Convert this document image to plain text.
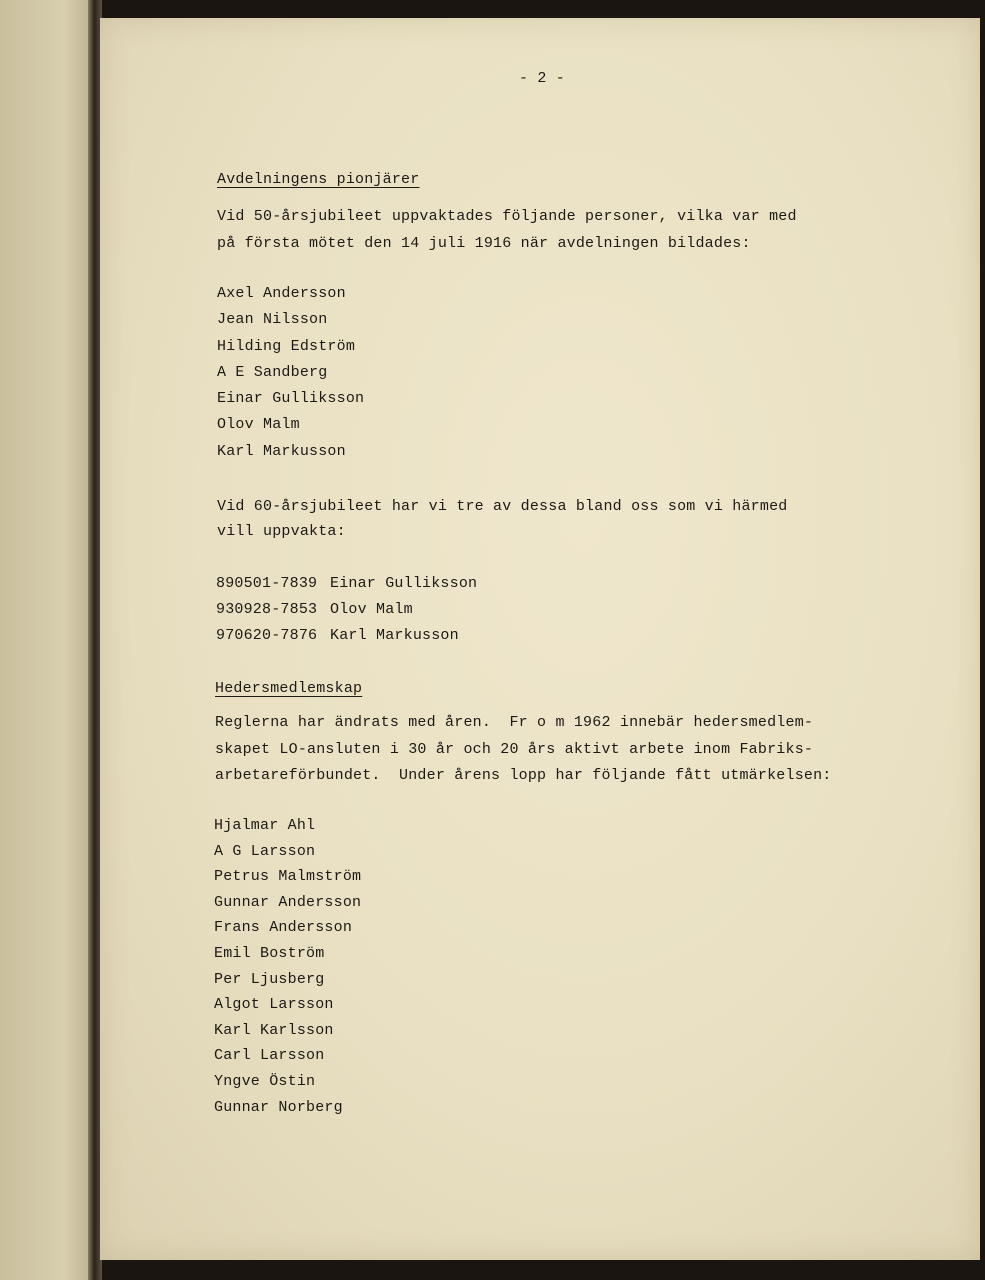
- 2 -

Avdelningens pionjärer

Vid 50-årsjubileet uppvaktades följande personer, vilka var med

på första mötet den 14 juli 1916 när avdelningen bildades:

Axel Andersson
Jean Nilsson
Hilding Edström
A E Sandberg
Einar Gulliksson
Olov Malm
Karl Markusson

Vid 60-årsjubileet har vi tre av dessa bland oss som vi härmed

vill uppvakta:

890501-7839 Einar Gulliksson

930928-7853 Olov Malm

970620-7876 Karl Markusson

Hedersmedlemskap

Reglerna har ändrats med åren.  Fr o m 1962 innebär hedersmedlem-

skapet LO-ansluten i 30 år och 20 års aktivt arbete inom Fabriks-

arbetareförbundet.  Under årens lopp har följande fått utmärkelsen:

Hjalmar Ahl
A G Larsson
Petrus Malmström
Gunnar Andersson
Frans Andersson
Emil Boström
Per Ljusberg
Algot Larsson
Karl Karlsson
Carl Larsson
Yngve Östin
Gunnar Norberg
